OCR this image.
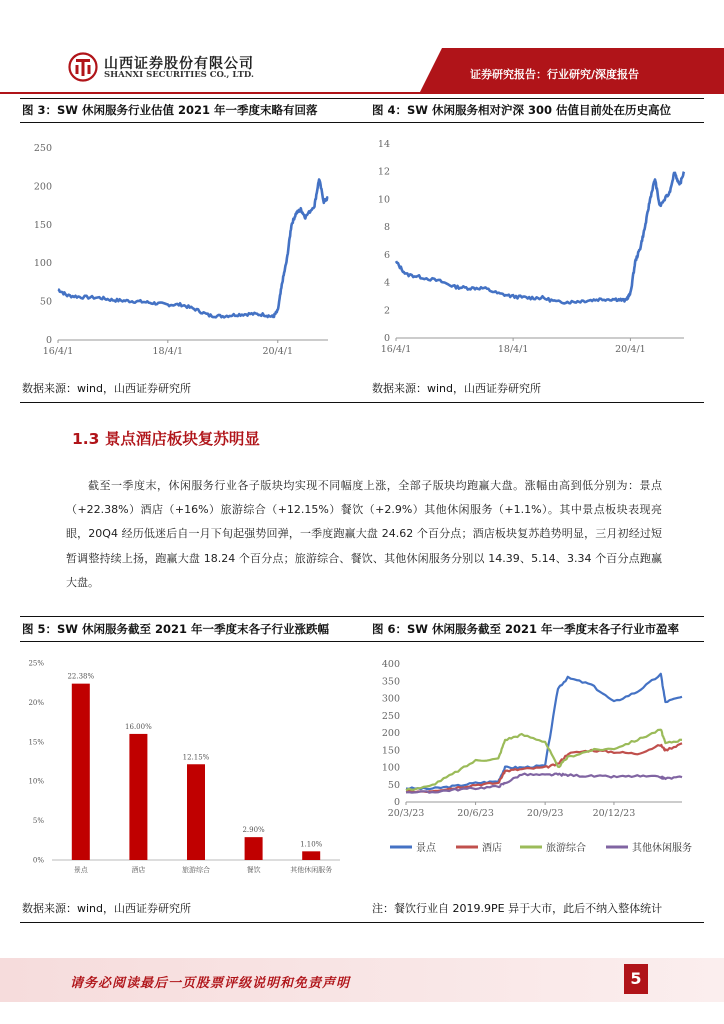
山西证券股份有限公司
SHANXI SECURITIES CO., LTD.	证券研究报告：行业研究/深度报告
图 3：SW 休闲服务行业估值 2021 年一季度末略有回落	图 4：SW 休闲服务相对沪深 300 估值目前处在历史高位
0
50
100
150
200
250
16/4/1	18/4/1	20/4/1
0
2
4
6
8
10
12
14
16/4/1	18/4/1	20/4/1
数据来源：wind，山西证券研究所	数据来源：wind，山西证券研究所
1.3 景点酒店板块复苏明显

截至一季度末，休闲服务行业各子版块均实现不同幅度上涨，全部子版块均跑赢大盘。涨幅由高到低分别为：景点（+22.38%）酒店（+16%）旅游综合（+12.15%）餐饮（+2.9%）其他休闲服务（+1.1%）。其中景点板块表现亮眼，20Q4 经历低迷后自一月下旬起强势回弹，一季度跑赢大盘 24.62 个百分点；酒店板块复苏趋势明显，三月初经过短暂调整持续上扬，跑赢大盘 18.24 个百分点；旅游综合、餐饮、其他休闲服务分别以 14.39、5.14、3.34 个百分点跑赢大盘。

图 5：SW 休闲服务截至 2021 年一季度末各子行业涨跌幅	图 6：SW 休闲服务截至 2021 年一季度末各子行业市盈率
0%
5%
10%
15%
20%
25%
22.38%
景点
16.00%
酒店
12.15%
旅游综合
2.90%
餐饮
1.10%
其他休闲服务
0
50
100
150
200
250
300
350
400
20/3/23	20/6/23	20/9/23	20/12/23
景点	酒店	旅游综合	其他休闲服务
数据来源：wind，山西证券研究所	注：餐饮行业自 2019.9PE 异于大市，此后不纳入整体统计
请务必阅读最后一页股票评级说明和免责声明	5
